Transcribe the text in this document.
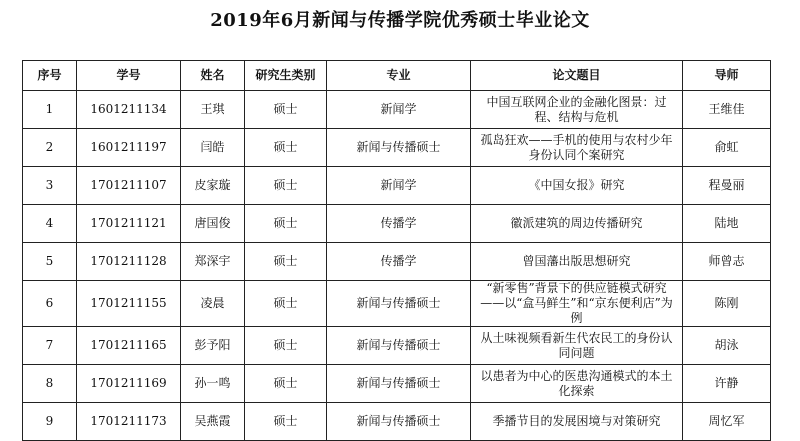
2019年6月新闻与传播学院优秀硕士毕业论文
序号	学号	姓名	研究生类别	专业	论文题目	导师
1	1601211134	王琪	硕士	新闻学	中国互联网企业的金融化图景：过程、结构与危机	王维佳
2	1601211197	闫皓	硕士	新闻与传播硕士	孤岛狂欢——手机的使用与农村少年身份认同个案研究	俞虹
3	1701211107	皮家璇	硕士	新闻学	《中国女报》研究	程曼丽
4	1701211121	唐国俊	硕士	传播学	徽派建筑的周边传播研究	陆地
5	1701211128	郑深宇	硕士	传播学	曾国藩出版思想研究	师曾志
6	1701211155	凌晨	硕士	新闻与传播硕士	“新零售”背景下的供应链模式研究——以“盒马鲜生”和“京东便利店”为例	陈刚
7	1701211165	彭予阳	硕士	新闻与传播硕士	从土味视频看新生代农民工的身份认同问题	胡泳
8	1701211169	孙一鸣	硕士	新闻与传播硕士	以患者为中心的医患沟通模式的本土化探索	许静
9	1701211173	吴燕霞	硕士	新闻与传播硕士	季播节目的发展困境与对策研究	周忆军
